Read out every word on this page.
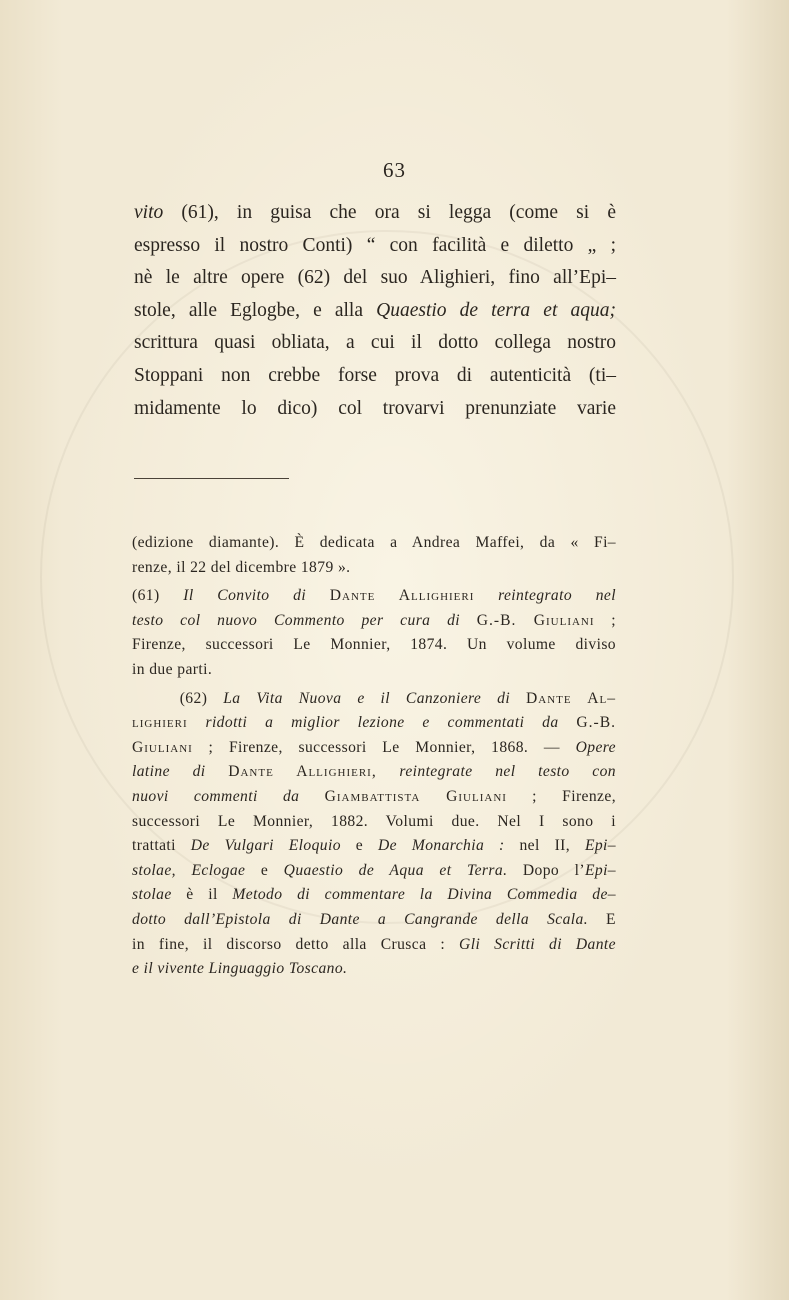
63
vito (61), in guisa che ora si legga (come si è
espresso il nostro Conti) “ con facilità e diletto „ ;
nè le altre opere (62) del suo Alighieri, fino all’Epi–
stole, alle Eglogbe, e alla Quaestio de terra et aqua;
scrittura quasi obliata, a cui il dotto collega nostro
Stoppani non crebbe forse prova di autenticità (ti–
midamente lo dico) col trovarvi prenunziate varie
(edizione diamante). È dedicata a Andrea Maffei, da « Fi–
renze, il 22 del dicembre 1879 ».
(61) Il Convito di Dante Allighieri reintegrato nel
testo col nuovo Commento per cura di G.-B. Giuliani ;
Firenze, successori Le Monnier, 1874. Un volume diviso
in due parti.
(62) La Vita Nuova e il Canzoniere di Dante Al–
lighieri ridotti a miglior lezione e commentati da G.-B.
Giuliani ; Firenze, successori Le Monnier, 1868. — Opere
latine di Dante Allighieri, reintegrate nel testo con
nuovi commenti da Giambattista Giuliani ; Firenze,
successori Le Monnier, 1882. Volumi due. Nel I sono i
trattati De Vulgari Eloquio e De Monarchia : nel II, Epi–
stolae, Eclogae e Quaestio de Aqua et Terra. Dopo l’Epi–
stolae è il Metodo di commentare la Divina Commedia de–
dotto dall’Epistola di Dante a Cangrande della Scala. E
in fine, il discorso detto alla Crusca : Gli Scritti di Dante
e il vivente Linguaggio Toscano.
